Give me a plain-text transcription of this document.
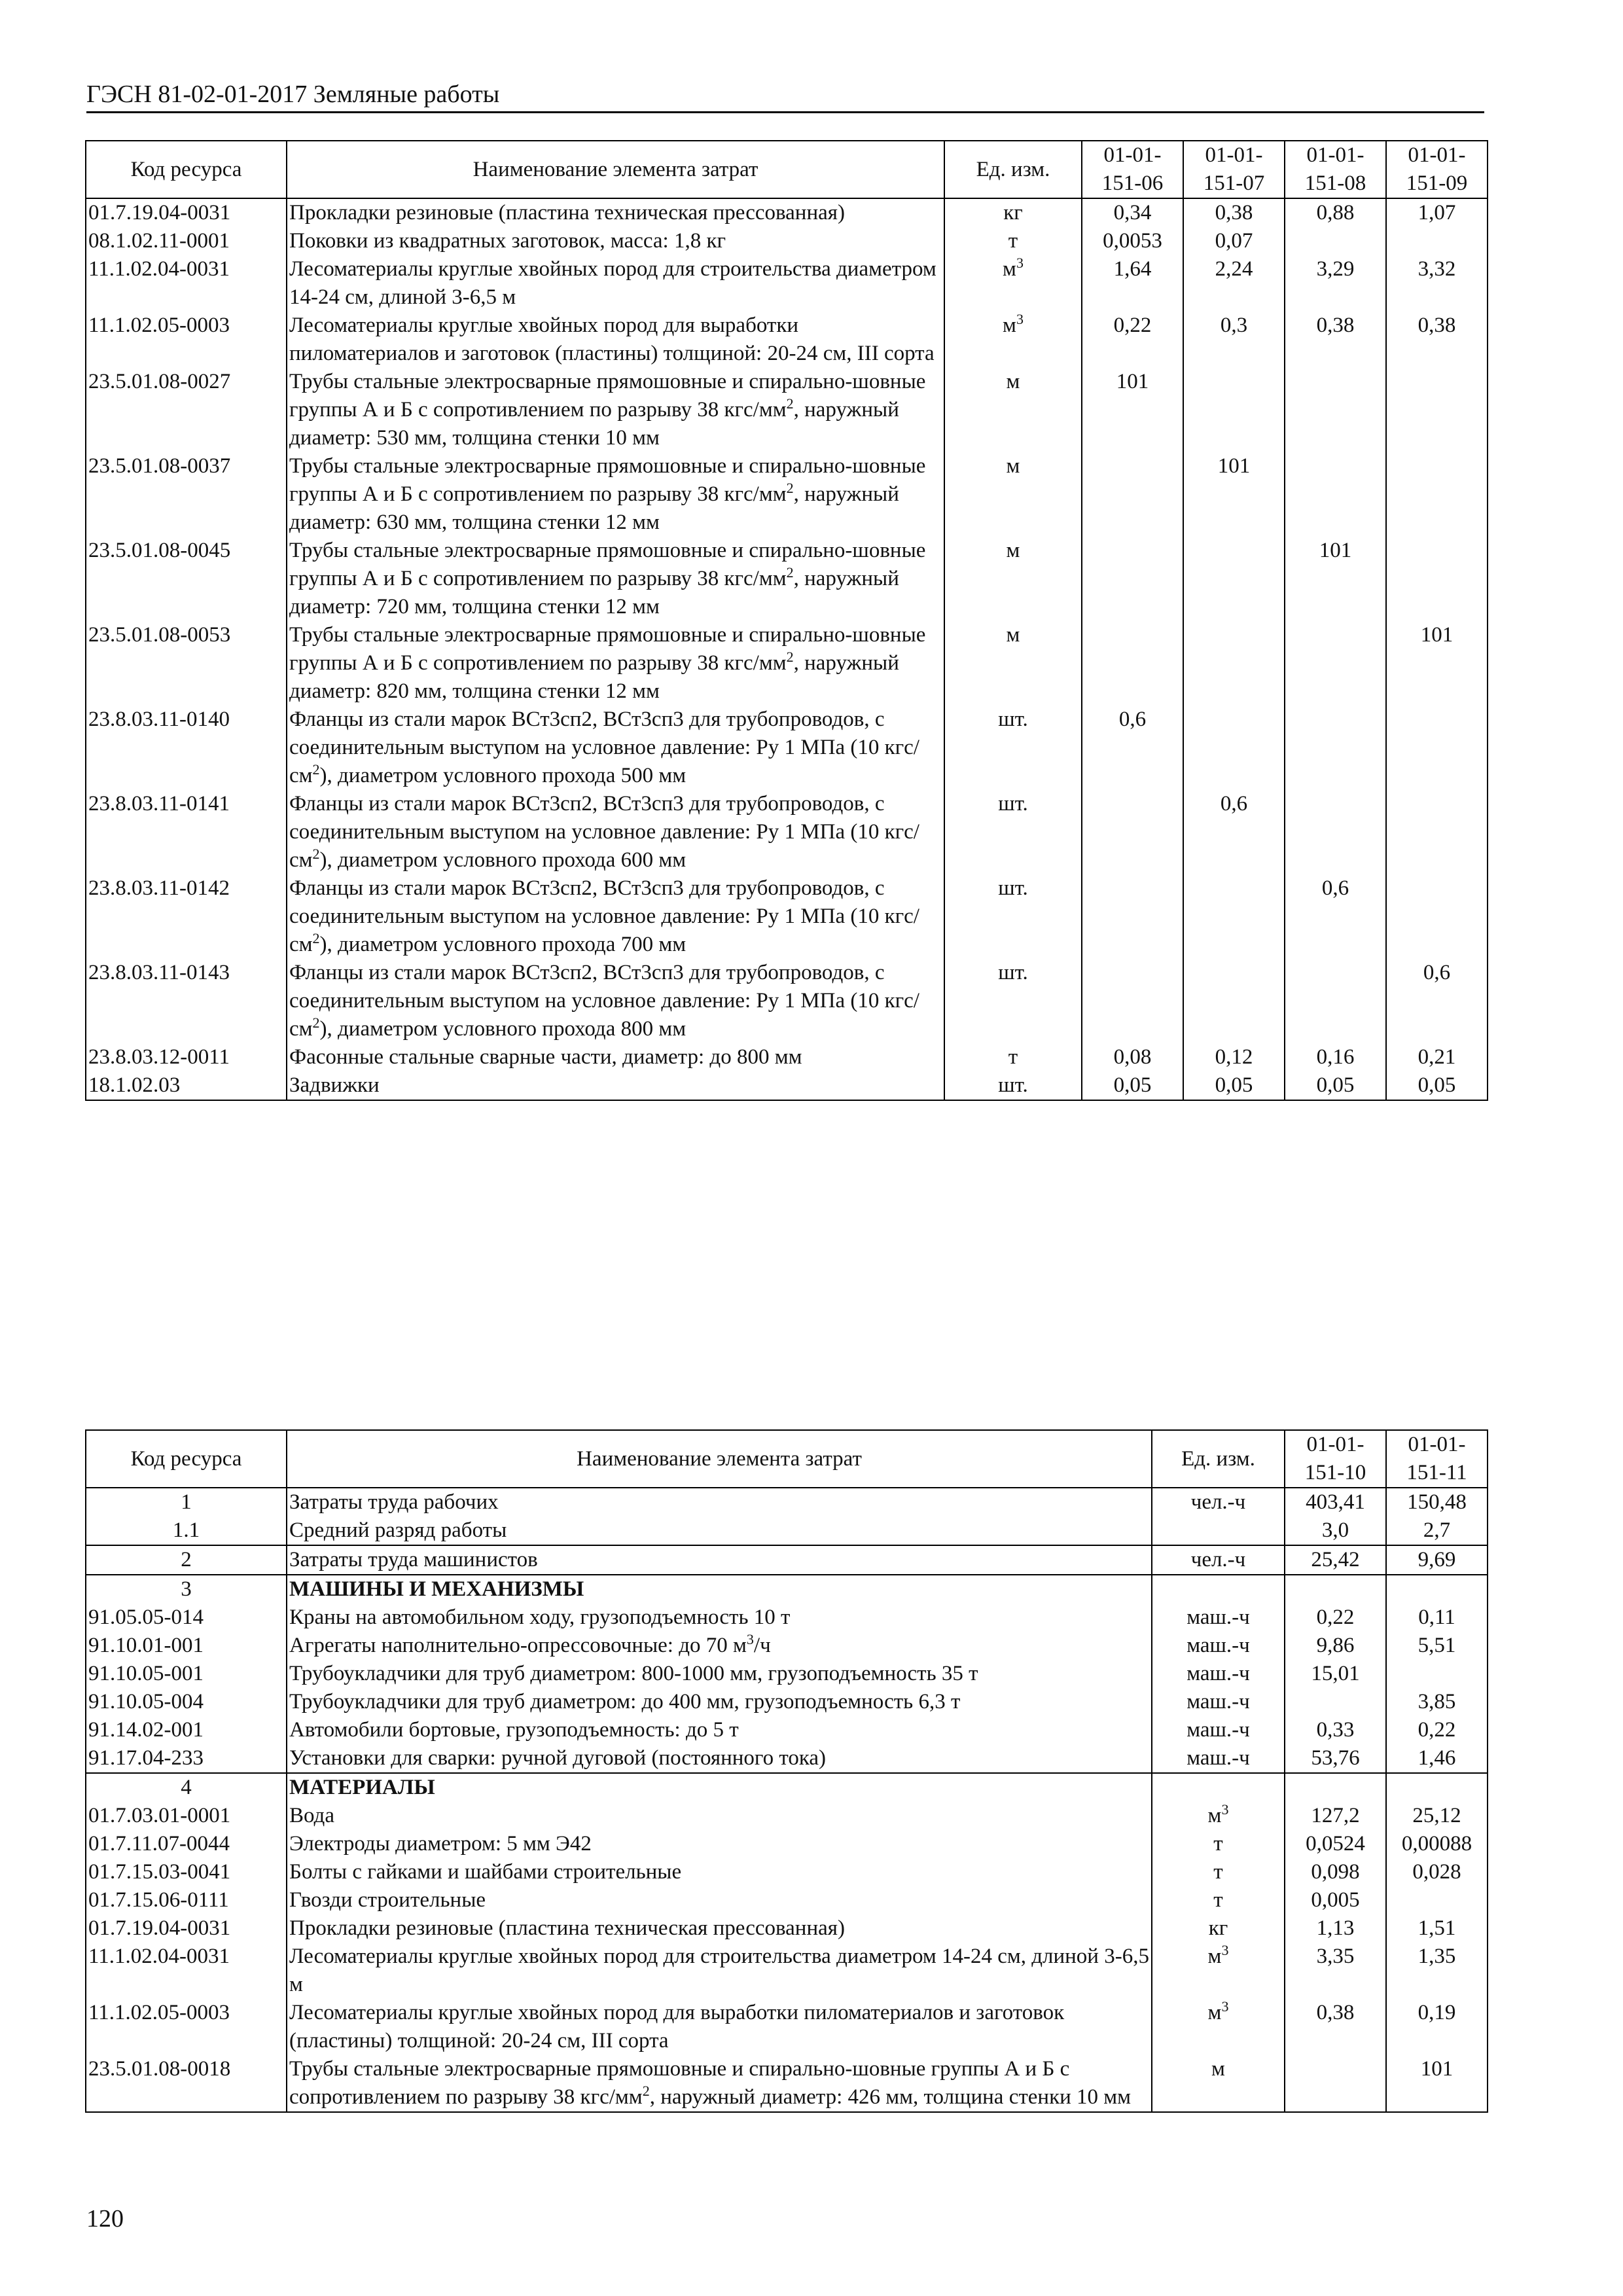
ГЭСН 81-02-01-2017 Земляные работы
Код ресурса	Наименование элемента затрат	Ед. изм.	01-01-151-06	01-01-151-07	01-01-151-08	01-01-151-09
01.7.19.04-0031	Прокладки резиновые (пластина техническая прессованная)	кг	0,34	0,38	0,88	1,07
08.1.02.11-0001	Поковки из квадратных заготовок, масса: 1,8 кг	т	0,0053	0,07		
11.1.02.04-0031	Лесоматериалы круглые хвойных пород для строительства диаметром 14-24 см, длиной 3-6,5 м	$м^3$	1,64	2,24	3,29	3,32
11.1.02.05-0003	Лесоматериалы круглые хвойных пород для выработки пиломатериалов и заготовок (пластины) толщиной: 20-24 см, III сорта	$м^3$	0,22	0,3	0,38	0,38
23.5.01.08-0027	Трубы стальные электросварные прямошовные и спирально-шовные группы А и Б с сопротивлением по разрыву 38 кгс/$мм^2$, наружный диаметр: 530 мм, толщина стенки 10 мм	м	101			
23.5.01.08-0037	Трубы стальные электросварные прямошовные и спирально-шовные группы А и Б с сопротивлением по разрыву 38 кгс/$мм^2$, наружный диаметр: 630 мм, толщина стенки 12 мм	м		101		
23.5.01.08-0045	Трубы стальные электросварные прямошовные и спирально-шовные группы А и Б с сопротивлением по разрыву 38 кгс/$мм^2$, наружный диаметр: 720 мм, толщина стенки 12 мм	м			101	
23.5.01.08-0053	Трубы стальные электросварные прямошовные и спирально-шовные группы А и Б с сопротивлением по разрыву 38 кгс/$мм^2$, наружный диаметр: 820 мм, толщина стенки 12 мм	м				101
23.8.03.11-0140	Фланцы из стали марок ВСт3сп2, ВСт3сп3 для трубопроводов, с соединительным выступом на условное давление: Ру 1 МПа (10 кгс/$см^2$), диаметром условного прохода 500 мм	шт.	0,6			
23.8.03.11-0141	Фланцы из стали марок ВСт3сп2, ВСт3сп3 для трубопроводов, с соединительным выступом на условное давление: Ру 1 МПа (10 кгс/$см^2$), диаметром условного прохода 600 мм	шт.		0,6		
23.8.03.11-0142	Фланцы из стали марок ВСт3сп2, ВСт3сп3 для трубопроводов, с соединительным выступом на условное давление: Ру 1 МПа (10 кгс/$см^2$), диаметром условного прохода 700 мм	шт.			0,6	
23.8.03.11-0143	Фланцы из стали марок ВСт3сп2, ВСт3сп3 для трубопроводов, с соединительным выступом на условное давление: Ру 1 МПа (10 кгс/$см^2$), диаметром условного прохода 800 мм	шт.				0,6
23.8.03.12-0011	Фасонные стальные сварные части, диаметр: до 800 мм	т	0,08	0,12	0,16	0,21
18.1.02.03	Задвижки	шт.	0,05	0,05	0,05	0,05
Код ресурса	Наименование элемента затрат	Ед. изм.	01-01-151-10	01-01-151-11
1	Затраты труда рабочих	чел.-ч	403,41	150,48
1.1	Средний разряд работы		3,0	2,7
2	Затраты труда машинистов	чел.-ч	25,42	9,69
3	МАШИНЫ И МЕХАНИЗМЫ			
91.05.05-014	Краны на автомобильном ходу, грузоподъемность 10 т	маш.-ч	0,22	0,11
91.10.01-001	Агрегаты наполнительно-опрессовочные: до 70 $м^3/ч$	маш.-ч	9,86	5,51
91.10.05-001	Трубоукладчики для труб диаметром: 800-1000 мм, грузоподъемность 35 т	маш.-ч	15,01	
91.10.05-004	Трубоукладчики для труб диаметром: до 400 мм, грузоподъемность 6,3 т	маш.-ч		3,85
91.14.02-001	Автомобили бортовые, грузоподъемность: до 5 т	маш.-ч	0,33	0,22
91.17.04-233	Установки для сварки: ручной дуговой (постоянного тока)	маш.-ч	53,76	1,46
4	МАТЕРИАЛЫ			
01.7.03.01-0001	Вода	$м^3$	127,2	25,12
01.7.11.07-0044	Электроды диаметром: 5 мм Э42	т	0,0524	0,00088
01.7.15.03-0041	Болты с гайками и шайбами строительные	т	0,098	0,028
01.7.15.06-0111	Гвозди строительные	т	0,005	
01.7.19.04-0031	Прокладки резиновые (пластина техническая прессованная)	кг	1,13	1,51
11.1.02.04-0031	Лесоматериалы круглые хвойных пород для строительства диаметром 14-24 см, длиной 3-6,5 м	$м^3$	3,35	1,35
11.1.02.05-0003	Лесоматериалы круглые хвойных пород для выработки пиломатериалов и заготовок (пластины) толщиной: 20-24 см, III сорта	$м^3$	0,38	0,19
23.5.01.08-0018	Трубы стальные электросварные прямошовные и спирально-шовные группы А и Б с сопротивлением по разрыву 38 кгс/$мм^2$, наружный диаметр: 426 мм, толщина стенки 10 мм	м		101
120
